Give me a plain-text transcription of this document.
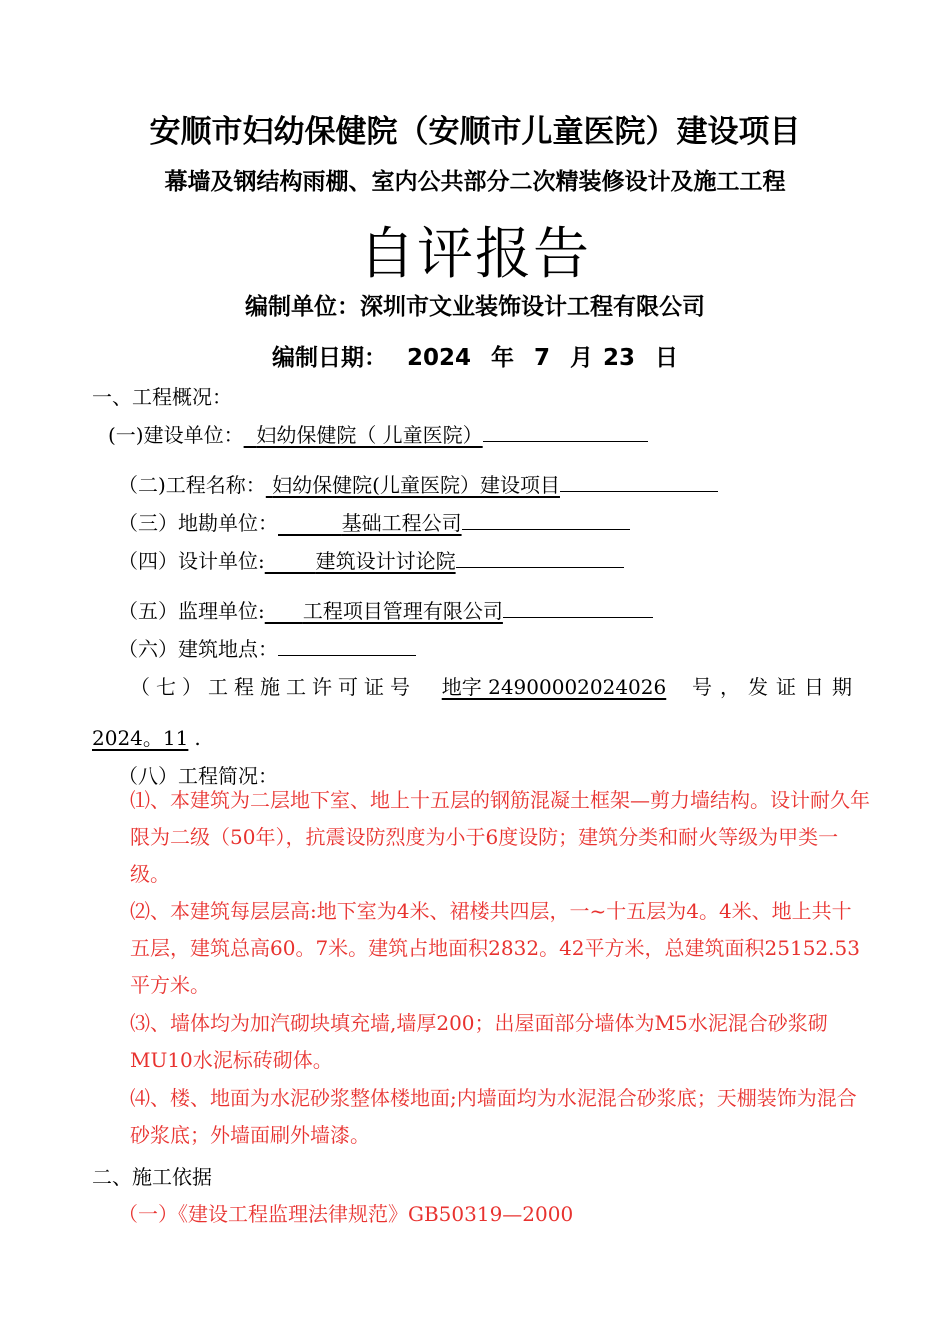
安顺市妇幼保健院（安顺市儿童医院）建设项目
幕墙及钢结构雨棚、室内公共部分二次精装修设计及施工工程
自评报告
编制单位：深圳市文业装饰设计工程有限公司
编制日期： 2024 年 7 月 23 日
一、工程概况：
(一)建设单位： 妇幼保健院（ 儿童医院）
（二)工程名称： 妇幼保健院(儿童医院）建设项目
（三）地勘单位：	基础工程公司
（四）设计单位:	建筑设计讨论院
（五）监理单位: 工程项目管理有限公司
（六）建筑地点：
（七）工程施工许可证号 地字 24900002024026 号，发证日期
2024。11 .
（八）工程简况：
⑴、本建筑为二层地下室、地上十五层的钢筋混凝土框架—剪力墙结构。设计耐久年限为二级（50年），抗震设防烈度为小于6度设防；建筑分类和耐火等级为甲类一级。
⑵、本建筑每层层高:地下室为4米、裙楼共四层，一~十五层为4。4米、地上共十五层，建筑总高60。7米。建筑占地面积2832。42平方米，总建筑面积25152.53平方米。
⑶、墙体均为加汽砌块填充墙,墙厚200；出屋面部分墙体为M5水泥混合砂浆砌MU10水泥标砖砌体。
⑷、楼、地面为水泥砂浆整体楼地面;内墙面均为水泥混合砂浆底；天棚装饰为混合砂浆底；外墙面刷外墙漆。
二、施工依据
（一）《建设工程监理法律规范》GB50319—2000
